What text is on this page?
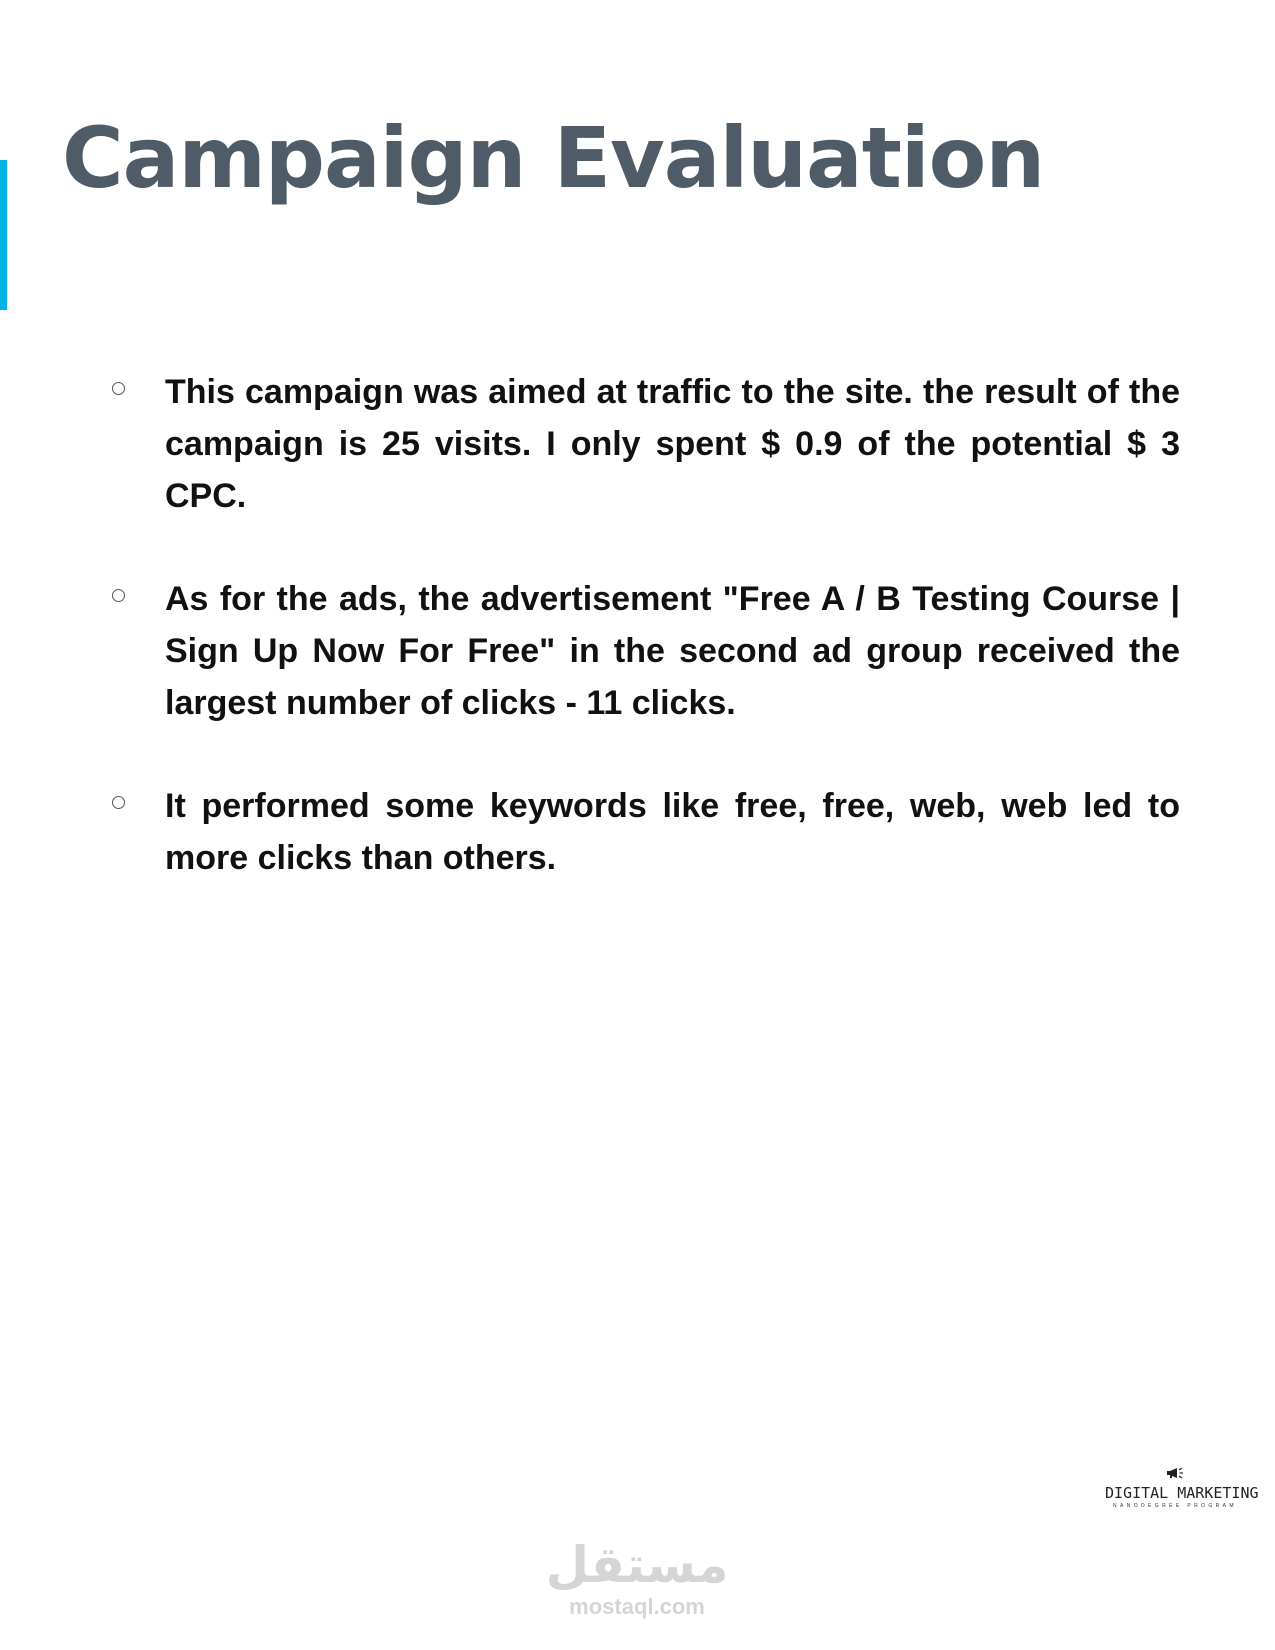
Campaign Evaluation
This campaign was aimed at traffic to the site. the result of the campaign is 25 visits. I only spent $ 0.9 of the potential $ 3 CPC.
As for the ads, the advertisement "Free A / B Testing Course | Sign Up Now For Free" in the second ad group received the largest number of clicks - 11 clicks.
It performed some keywords like free, free, web, web led to more clicks than others.
DIGITAL MARKETING
NANODEGREE PROGRAM
مستقل
mostaql.com
